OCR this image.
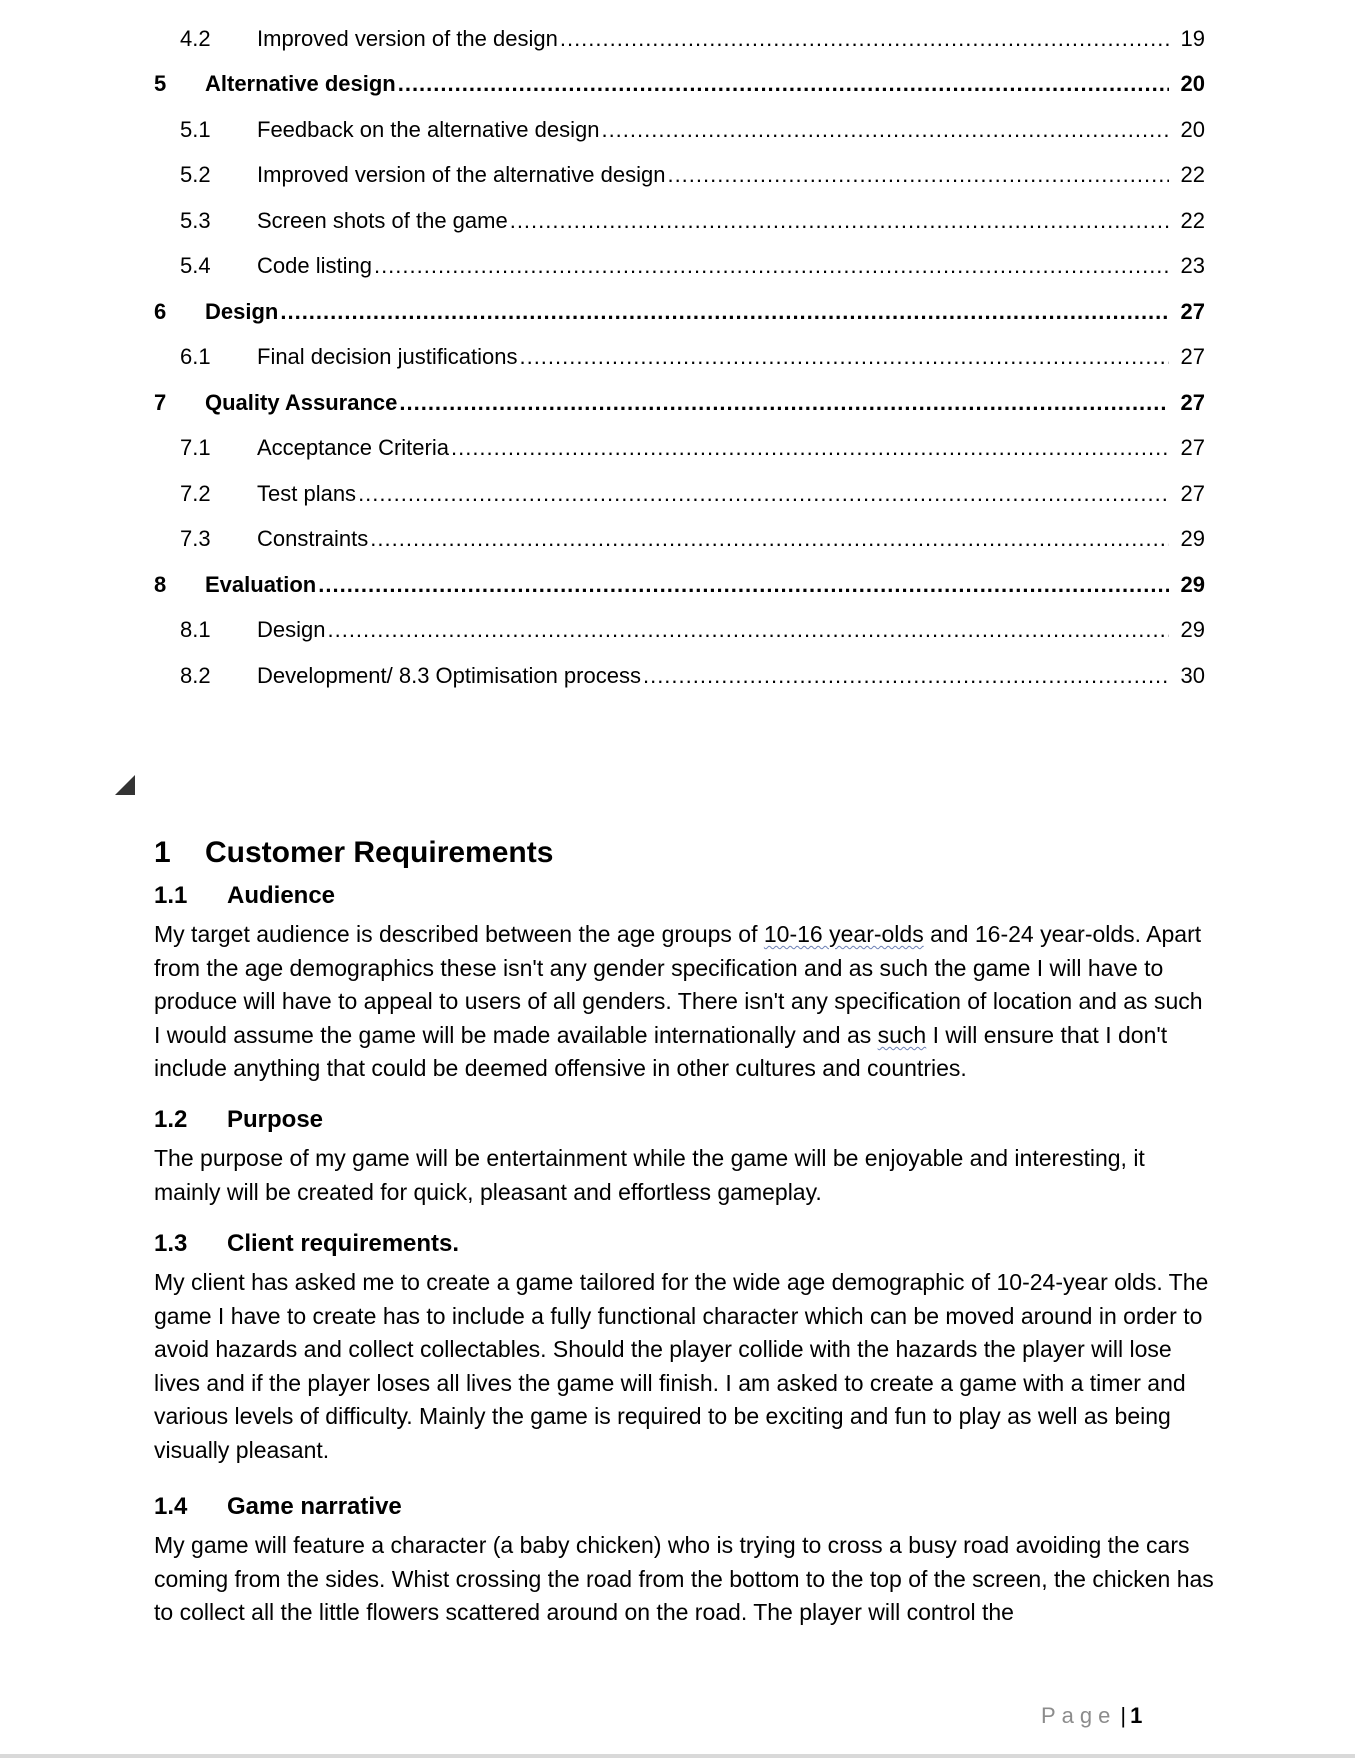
4.2 Improved version of the design .....	19
5 Alternative design .....	20
5.1 Feedback on the alternative design .....	20
5.2 Improved version of the alternative design .....	22
5.3 Screen shots of the game .....	22
5.4 Code listing .....	23
6 Design .....	27
6.1 Final decision justifications .....	27
7 Quality Assurance .....	27
7.1 Acceptance Criteria .....	27
7.2 Test plans .....	27
7.3 Constraints .....	29
8 Evaluation .....	29
8.1 Design .....	29
8.2 Development/ 8.3 Optimisation process .....	30
1 Customer Requirements
1.1 Audience

My target audience is described between the age groups of 10-16 year-olds and 16-24 year-olds. Apart from the age demographics these isn't any gender specification and as such the game I will have to produce will have to appeal to users of all genders. There isn't any specification of location and as such I would assume the game will be made available internationally and as such I will ensure that I don't include anything that could be deemed offensive in other cultures and countries.

1.2 Purpose

The purpose of my game will be entertainment while the game will be enjoyable and interesting, it mainly will be created for quick, pleasant and effortless gameplay.

1.3 Client requirements.

My client has asked me to create a game tailored for the wide age demographic of 10-24-year olds. The game I have to create has to include a fully functional character which can be moved around in order to avoid hazards and collect collectables. Should the player collide with the hazards the player will lose lives and if the player loses all lives the game will finish. I am asked to create a game with a timer and various levels of difficulty. Mainly the game is required to be exciting and fun to play as well as being visually pleasant.

1.4 Game narrative

My game will feature a character (a baby chicken) who is trying to cross a busy road avoiding the cars coming from the sides. Whist crossing the road from the bottom to the top of the screen, the chicken has to collect all the little flowers scattered around on the road. The player will control the

Page | 1
